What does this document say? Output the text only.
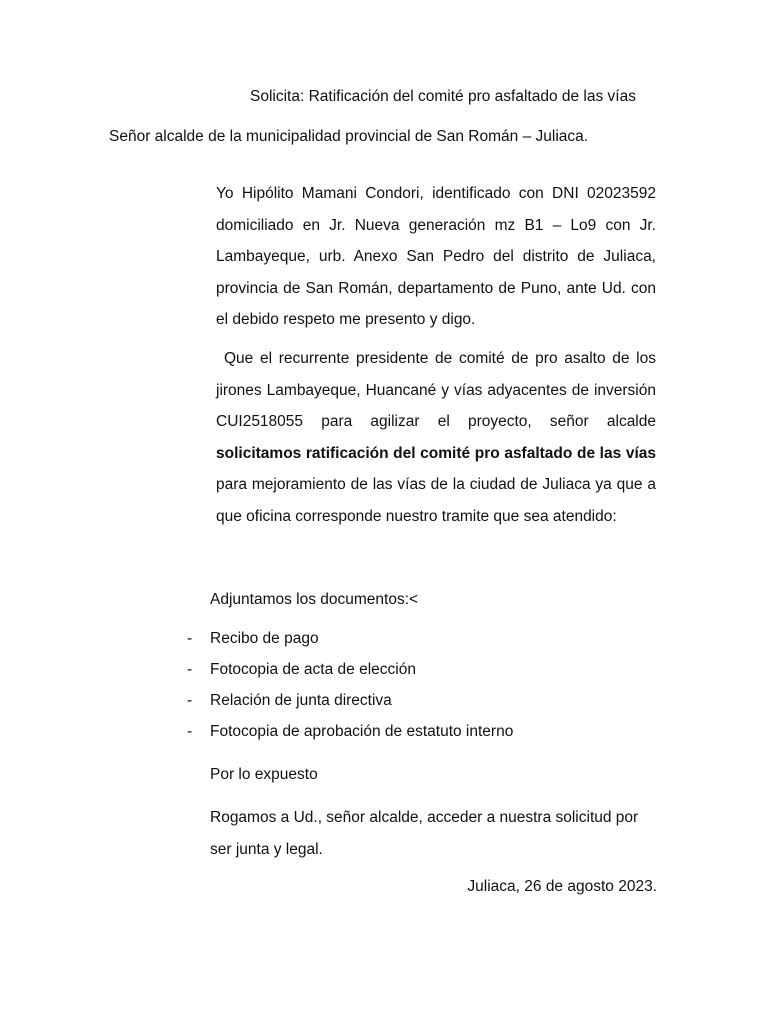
Solicita: Ratificación del comité pro asfaltado de las vías
Señor alcalde de la municipalidad provincial de San Román – Juliaca.

Yo Hipólito Mamani Condori, identificado con DNI 02023592 domiciliado en Jr. Nueva generación mz B1 – Lo9 con Jr. Lambayeque, urb. Anexo San Pedro del distrito de Juliaca, provincia de San Román, departamento de Puno, ante Ud. con el debido respeto me presento y digo.

Que el recurrente presidente de comité de pro asalto de los jirones Lambayeque, Huancané y vías adyacentes de inversión CUI2518055 para agilizar el proyecto, señor alcalde solicitamos ratificación del comité pro asfaltado de las vías para mejoramiento de las vías de la ciudad de Juliaca ya que a que oficina corresponde nuestro tramite que sea atendido:

Adjuntamos los documentos:<
- Recibo de pago
- Fotocopia de acta de elección
- Relación de junta directiva
- Fotocopia de aprobación de estatuto interno
Por lo expuesto

Rogamos a Ud., señor alcalde, acceder a nuestra solicitud por ser junta y legal.

Juliaca, 26 de agosto 2023.
